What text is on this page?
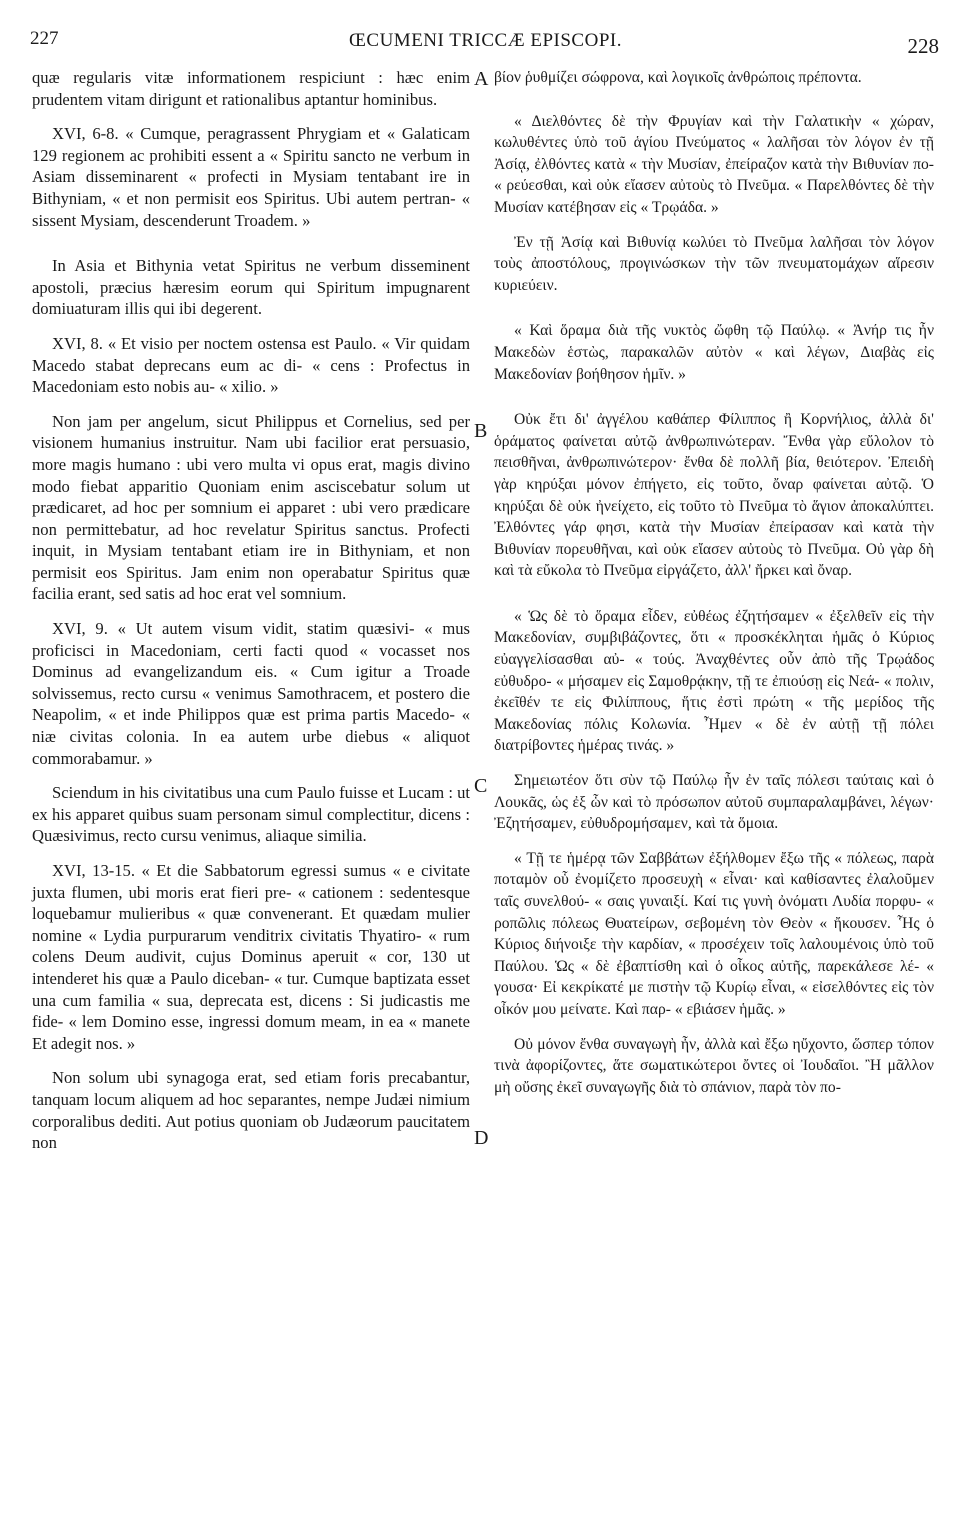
227	ŒCUMENI TRICCÆ EPISCOPI.	228
A
B
C
D

quæ regularis vitæ informationem respiciunt : hæc enim prudentem vitam dirigunt et rationalibus aptantur hominibus.

XVI, 6-8. « Cumque, peragrassent Phrygiam et « Galaticam 129 regionem ac prohibiti essent a « Spiritu sancto ne verbum in Asiam disseminarent « profecti in Mysiam tentabant ire in Bithyniam, « et non permisit eos Spiritus. Ubi autem pertran- « sissent Mysiam, descenderunt Troadem. »

In Asia et Bithynia vetat Spiritus ne verbum disseminent apostoli, præcius hæresim eorum qui Spiritum impugnarent domiuaturam illis qui ibi degerent.

XVI, 8. « Et visio per noctem ostensa est Paulo. « Vir quidam Macedo stabat deprecans eum ac di- « cens : Profectus in Macedoniam esto nobis au- « xilio. »

Non jam per angelum, sicut Philippus et Cornelius, sed per visionem humanius instruitur. Nam ubi facilior erat persuasio, more magis humano : ubi vero multa vi opus erat, magis divino modo fiebat apparitio Quoniam enim asciscebatur solum ut prædicaret, ad hoc per somnium ei apparet : ubi vero prædicare non permittebatur, ad hoc revelatur Spiritus sanctus. Profecti inquit, in Mysiam tentabant etiam ire in Bithyniam, et non permisit eos Spiritus. Jam enim non operabatur Spiritus quæ facilia erant, sed satis ad hoc erat vel somnium.

XVI, 9. « Ut autem visum vidit, statim quæsivi- « mus proficisci in Macedoniam, certi facti quod « vocasset nos Dominus ad evangelizandum eis. « Cum igitur a Troade solvissemus, recto cursu « venimus Samothracem, et postero die Neapolim, « et inde Philippos quæ est prima partis Macedo- « niæ civitas colonia. In ea autem urbe diebus « aliquot commorabamur. »

Sciendum in his civitatibus una cum Paulo fuisse et Lucam : ut ex his apparet quibus suam personam simul complectitur, dicens : Quæsivimus, recto cursu venimus, aliaque similia.

XVI, 13-15. « Et die Sabbatorum egressi sumus « e civitate juxta flumen, ubi moris erat fieri pre- « cationem : sedentesque loquebamur mulieribus « quæ convenerant. Et quædam mulier nomine « Lydia purpurarum venditrix civitatis Thyatiro- « rum colens Deum audivit, cujus Dominus aperuit « cor, 130 ut intenderet his quæ a Paulo diceban- « tur. Cumque baptizata esset una cum familia « sua, deprecata est, dicens : Si judicastis me fide- « lem Domino esse, ingressi domum meam, in ea « manete Et adegit nos. »

Non solum ubi synagoga erat, sed etiam foris precabantur, tanquam locum aliquem ad hoc separantes, nempe Judæi nimium corporalibus dediti. Aut potius quoniam ob Judæorum paucitatem non

βίον ῥυθμίζει σώφρονα, καὶ λογικοῖς ἀνθρώποις πρέποντα.

« Διελθόντες δὲ τὴν Φρυγίαν καὶ τὴν Γαλατικὴν « χώραν, κωλυθέντες ὑπὸ τοῦ ἁγίου Πνεύματος « λαλῆσαι τὸν λόγον ἐν τῇ Ἀσίᾳ, ἐλθόντες κατὰ « τὴν Μυσίαν, ἐπείραζον κατὰ τὴν Βιθυνίαν πο- « ρεύεσθαι, καὶ οὐκ εἴασεν αὐτοὺς τὸ Πνεῦμα. « Παρελθόντες δὲ τὴν Μυσίαν κατέβησαν εἰς « Τρῳάδα. »

Ἐν τῇ Ἀσίᾳ καὶ Βιθυνίᾳ κωλύει τὸ Πνεῦμα λαλῆσαι τὸν λόγον τοὺς ἀποστόλους, προγινώσκων τὴν τῶν πνευματομάχων αἵρεσιν κυριεύειν.

« Καὶ ὅραμα διὰ τῆς νυκτὸς ὤφθη τῷ Παύλῳ. « Ἀνήρ τις ἦν Μακεδὼν ἑστὼς, παρακαλῶν αὐτὸν « καὶ λέγων, Διαβὰς εἰς Μακεδονίαν βοήθησον ἡμῖν. »

Οὐκ ἔτι δι' ἀγγέλου καθάπερ Φίλιππος ἢ Κορνήλιος, ἀλλὰ δι' ὁράματος φαίνεται αὐτῷ ἀνθρωπινώτεραν. Ἔνθα γὰρ εὔλολον τὸ πεισθῆναι, ἀνθρωπινώτερον· ἔνθα δὲ πολλῆ βία, θειότερον. Ἐπειδὴ γὰρ κηρύξαι μόνον ἐπήγετο, εἰς τοῦτο, ὄναρ φαίνεται αὐτῷ. Ὁ κηρύξαι δὲ οὐκ ἠνείχετο, εἰς τοῦτο τὸ Πνεῦμα τὸ ἅγιον ἀποκαλύπτει. Ἐλθόντες γάρ φησι, κατὰ τὴν Μυσίαν ἐπείρασαν καὶ κατὰ τὴν Βιθυνίαν πορευθῆναι, καὶ οὐκ εἴασεν αὐτοὺς τὸ Πνεῦμα. Οὐ γὰρ δὴ καὶ τὰ εὔκολα τὸ Πνεῦμα εἰργάζετο, ἀλλ' ἤρκει καὶ ὄναρ.

« Ὡς δὲ τὸ ὅραμα εἶδεν, εὐθέως ἐζητήσαμεν « ἐξελθεῖν εἰς τὴν Μακεδονίαν, συμβιβάζοντες, ὅτι « προσκέκληται ἡμᾶς ὁ Κύριος εὐαγγελίσασθαι αὐ- « τούς. Ἀναχθέντες οὖν ἀπὸ τῆς Τρῳάδος εὐθυδρο- « μήσαμεν εἰς Σαμοθρᾴκην, τῇ τε ἐπιούσῃ εἰς Νεά- « πολιν, ἐκεῖθέν τε εἰς Φιλίππους, ἥτις ἐστὶ πρώτη « τῆς μερίδος τῆς Μακεδονίας πόλις Κολωνία. Ἦμεν « δὲ ἐν αὐτῇ τῇ πόλει διατρίβοντες ἡμέρας τινάς. »

Σημειωτέον ὅτι σὺν τῷ Παύλῳ ἦν ἐν ταῖς πόλεσι ταύταις καὶ ὁ Λουκᾶς, ὡς ἐξ ὧν καὶ τὸ πρόσωπον αὐτοῦ συμπαραλαμβάνει, λέγων· Ἐζητήσαμεν, εὐθυδρομήσαμεν, καὶ τὰ ὅμοια.

« Τῇ τε ἡμέρᾳ τῶν Σαββάτων ἐξήλθομεν ἔξω τῆς « πόλεως, παρὰ ποταμὸν οὗ ἐνομίζετο προσευχὴ « εἶναι· καὶ καθίσαντες ἐλαλοῦμεν ταῖς συνελθού- « σαις γυναιξί. Καί τις γυνὴ ὀνόματι Λυδία πορφυ- « ροπῶλις πόλεως Θυατείρων, σεβομένη τὸν Θεὸν « ἤκουσεν. Ἧς ὁ Κύριος διήνοιξε τὴν καρδίαν, « προσέχειν τοῖς λαλουμένοις ὑπὸ τοῦ Παύλου. Ὡς « δὲ ἐβαπτίσθη καὶ ὁ οἶκος αὐτῆς, παρεκάλεσε λέ- « γουσα· Εἰ κεκρίκατέ με πιστὴν τῷ Κυρίῳ εἶναι, « εἰσελθόντες εἰς τὸν οἶκόν μου μείνατε. Καὶ παρ- « εβιάσεν ἡμᾶς. »

Οὐ μόνον ἔνθα συναγωγὴ ἦν, ἀλλὰ καὶ ἔξω ηὔχοντο, ὥσπερ τόπον τινὰ ἀφορίζοντες, ἅτε σωματικώτεροι ὄντες οἱ Ἰουδαῖοι. Ἢ μᾶλλον μὴ οὔσης ἐκεῖ συναγωγῆς διὰ τὸ σπάνιον, παρὰ τὸν πο-
